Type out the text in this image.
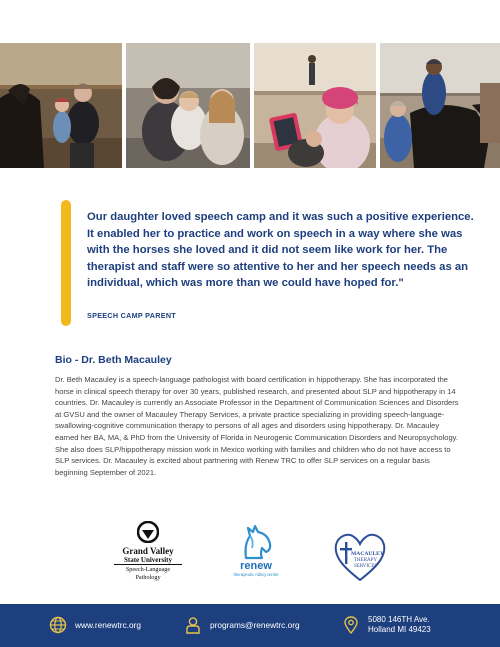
Our daughter loved speech camp and it was such a positive experience. It enabled her to practice and work on speech in a way where she was with the horses she loved and it did not seem like work for her. The therapist and staff were so attentive to her and her speech needs as an individual, which was more than we could have hoped for."

SPEECH CAMP PARENT

Bio - Dr. Beth Macauley

Dr. Beth Macauley is a speech-language pathologist with board certification in hippotherapy. She has incorporated the horse in clinical speech therapy for over 30 years, published research, and presented about SLP and hippotherapy in 14 countries. Dr. Macauley is currently an Associate Professor in the Department of Communication Sciences and Disorders at GVSU and the owner of Macauley Therapy Services, a private practice specializing in providing speech-language-swallowing-cognitive communication therapy to persons of all ages and disorders using hippotherapy. Dr. Macauley earned her BA, MA, & PhD from the University of Florida in Neurogenic Communication Disorders and Neuropsychology. She also does SLP/hippotherapy mission work in Mexico working with families and children who do not have access to SLP services. Dr. Macauley is excited about partnering with Renew TRC to offer SLP services on a regular basis beginning September of 2021.

Grand Valley
State University
Speech-Language
Pathology
renew
therapeutic riding center
MACAULEY
THERAPY
SERVICES
www.renewtrc.org	programs@renewtrc.org
5080 146TH Ave.
Holland MI 49423
